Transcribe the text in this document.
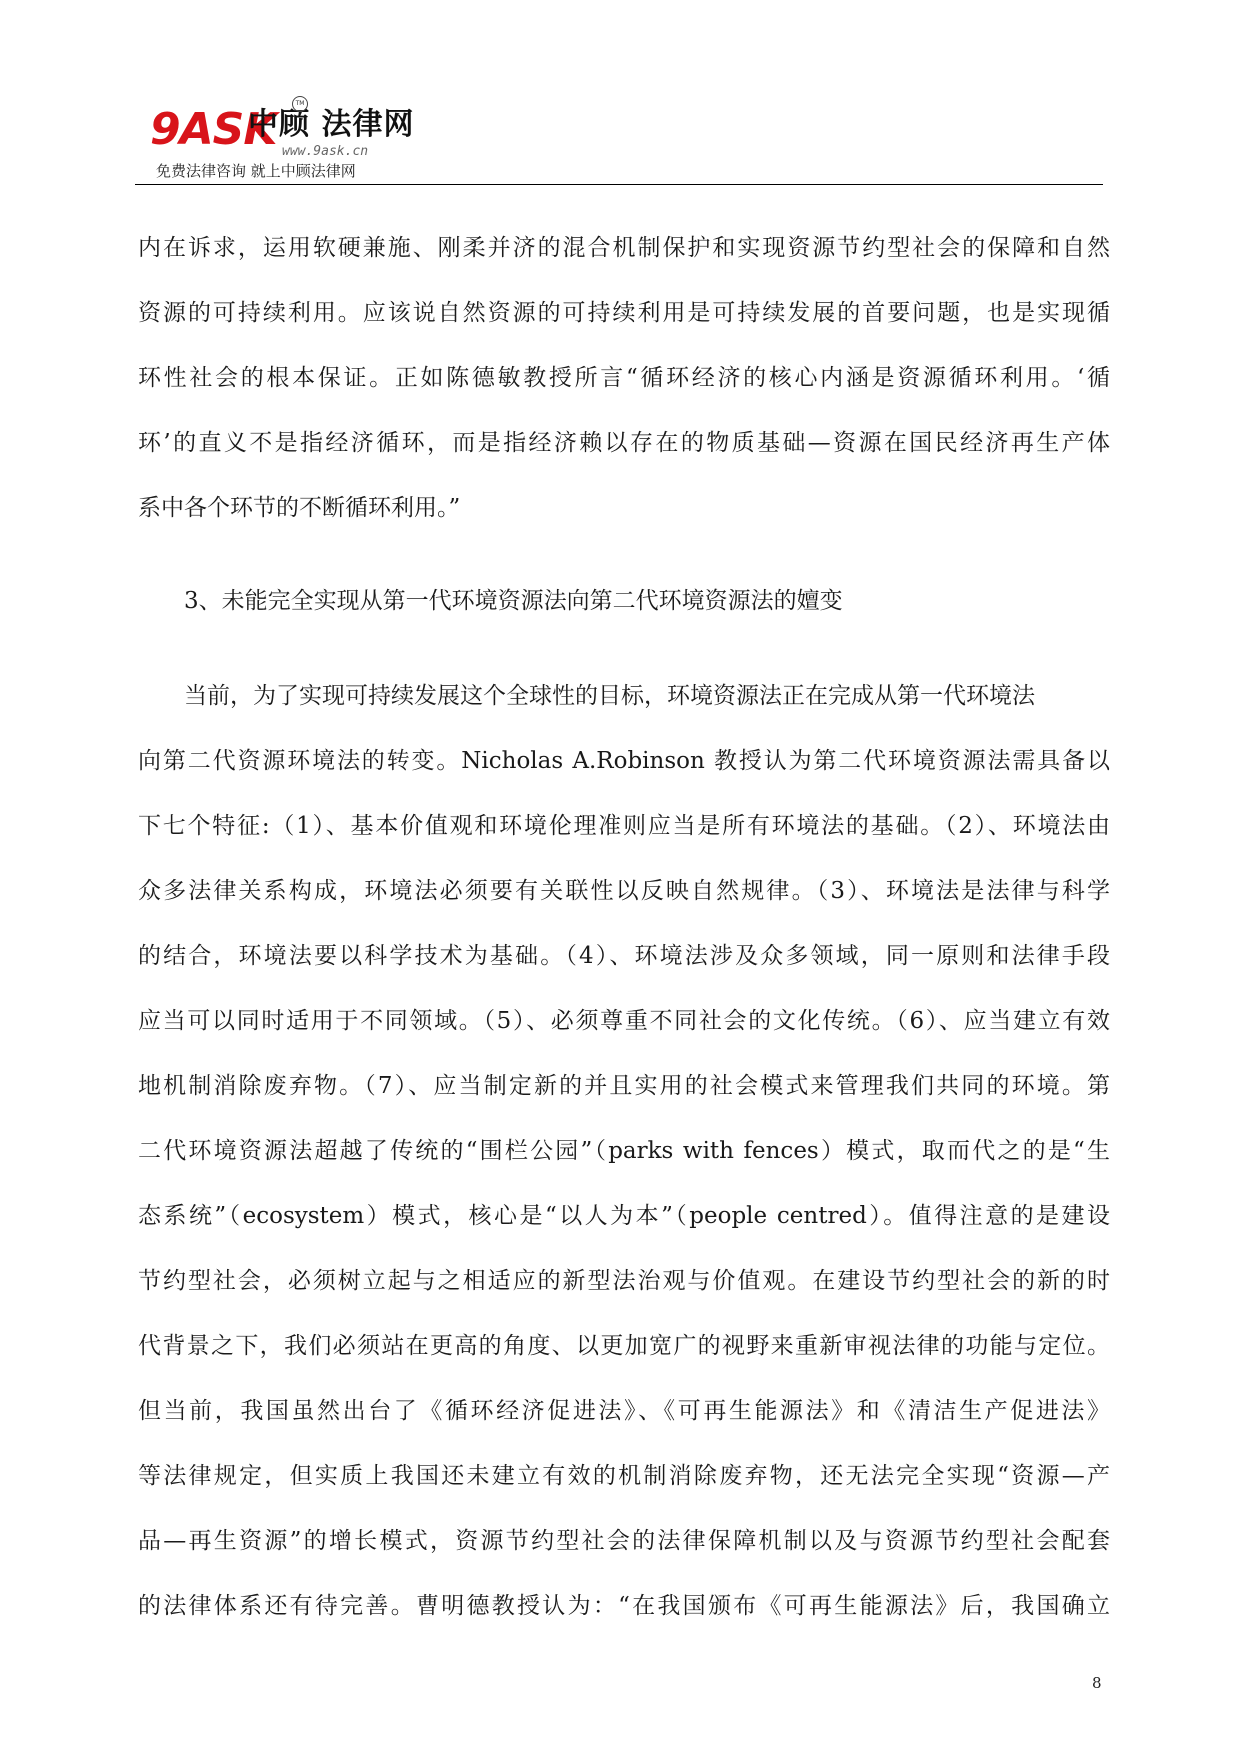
9ASK
中顾 法律网
TM
www.9ask.cn
免费法律咨询 就上中顾法律网
内在诉求，运用软硬兼施、刚柔并济的混合机制保护和实现资源节约型社会的保障和自然
资源的可持续利用。应该说自然资源的可持续利用是可持续发展的首要问题，也是实现循
环性社会的根本保证。正如陈德敏教授所言“循环经济的核心内涵是资源循环利用。‘循
环’的直义不是指经济循环，而是指经济赖以存在的物质基础—资源在国民经济再生产体
系中各个环节的不断循环利用。”
3、未能完全实现从第一代环境资源法向第二代环境资源法的嬗变
当前，为了实现可持续发展这个全球性的目标，环境资源法正在完成从第一代环境法
向第二代资源环境法的转变。Nicholas A.Robinson 教授认为第二代环境资源法需具备以
下七个特征:（1）、基本价值观和环境伦理准则应当是所有环境法的基础。（2）、环境法由
众多法律关系构成，环境法必须要有关联性以反映自然规律。（3）、环境法是法律与科学
的结合，环境法要以科学技术为基础。（4）、环境法涉及众多领域，同一原则和法律手段
应当可以同时适用于不同领域。（5）、必须尊重不同社会的文化传统。（6）、应当建立有效
地机制消除废弃物。（7）、应当制定新的并且实用的社会模式来管理我们共同的环境。第
二代环境资源法超越了传统的“围栏公园”（parks with fences）模式，取而代之的是“生
态系统”（ecosystem）模式，核心是“以人为本”（people centred）。值得注意的是建设
节约型社会，必须树立起与之相适应的新型法治观与价值观。在建设节约型社会的新的时
代背景之下，我们必须站在更高的角度、以更加宽广的视野来重新审视法律的功能与定位。
但当前，我国虽然出台了《循环经济促进法》、《可再生能源法》和《清洁生产促进法》
等法律规定，但实质上我国还未建立有效的机制消除废弃物，还无法完全实现“资源—产
品—再生资源”的增长模式，资源节约型社会的法律保障机制以及与资源节约型社会配套
的法律体系还有待完善。曹明德教授认为：“在我国颁布《可再生能源法》后，我国确立
8
